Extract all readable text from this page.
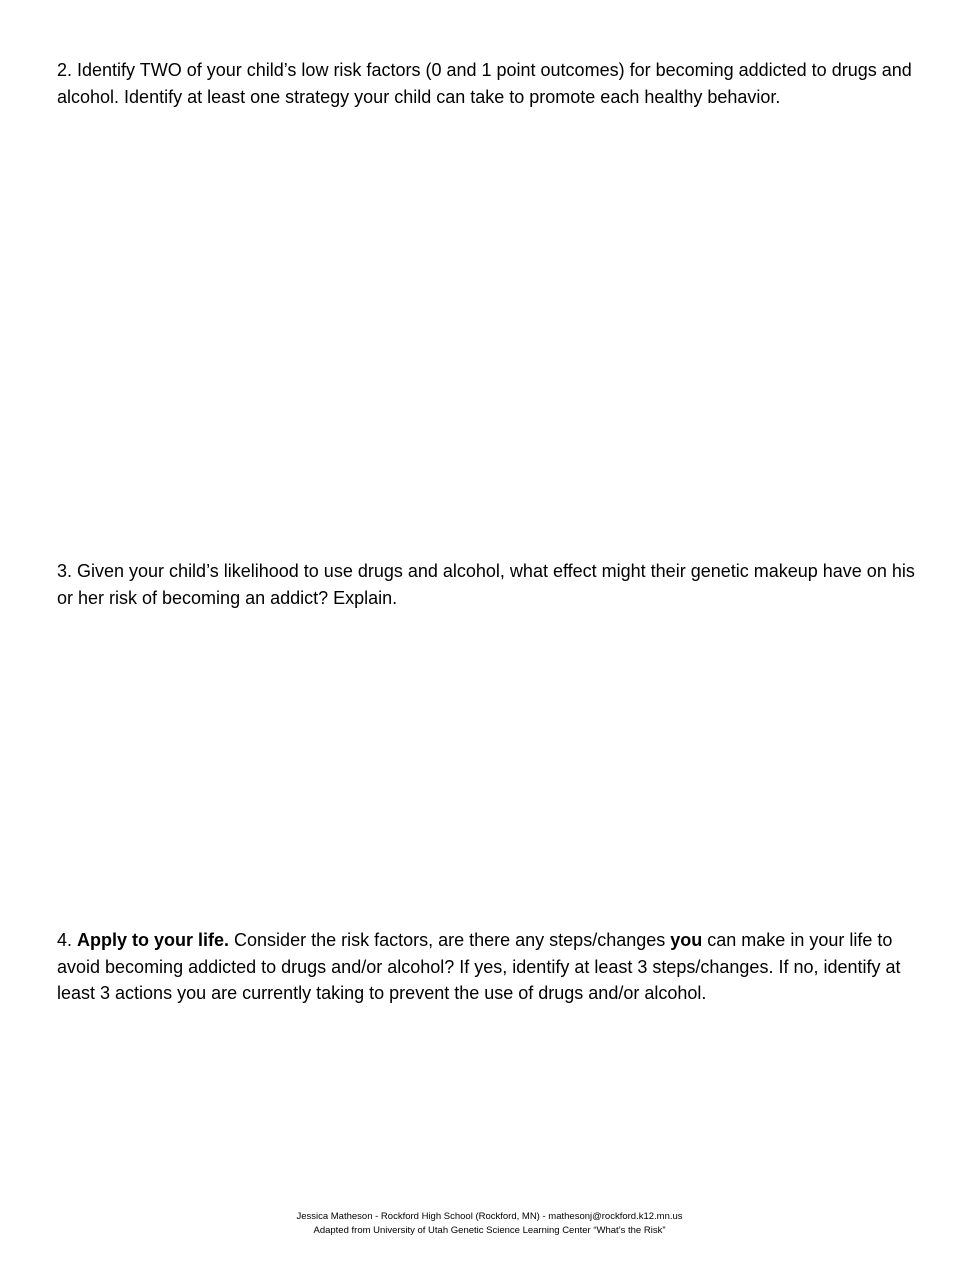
2. Identify TWO of your child’s low risk factors (0 and 1 point outcomes) for becoming addicted to drugs and alcohol. Identify at least one strategy your child can take to promote each healthy behavior.

3. Given your child’s likelihood to use drugs and alcohol, what effect might their genetic makeup have on his or her risk of becoming an addict? Explain.

4. Apply to your life. Consider the risk factors, are there any steps/changes you can make in your life to avoid becoming addicted to drugs and/or alcohol? If yes, identify at least 3 steps/changes. If no, identify at least 3 actions you are currently taking to prevent the use of drugs and/or alcohol.

Jessica Matheson - Rockford High School (Rockford, MN) - mathesonj@rockford.k12.mn.us
Adapted from University of Utah Genetic Science Learning Center “What’s the Risk”
